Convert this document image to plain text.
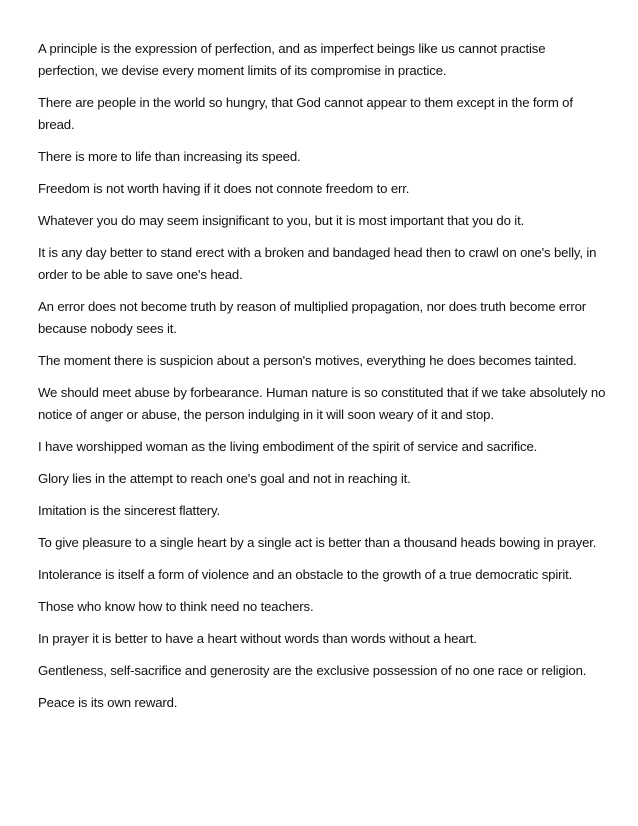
A principle is the expression of perfection, and as imperfect beings like us cannot practise perfection, we devise every moment limits of its compromise in practice.

There are people in the world so hungry, that God cannot appear to them except in the form of bread.

There is more to life than increasing its speed.

Freedom is not worth having if it does not connote freedom to err.

Whatever you do may seem insignificant to you, but it is most important that you do it.

It is any day better to stand erect with a broken and bandaged head then to crawl on one's belly, in order to be able to save one's head.

An error does not become truth by reason of multiplied propagation, nor does truth become error because nobody sees it.

The moment there is suspicion about a person's motives, everything he does becomes tainted.

We should meet abuse by forbearance. Human nature is so constituted that if we take absolutely no notice of anger or abuse, the person indulging in it will soon weary of it and stop.

I have worshipped woman as the living embodiment of the spirit of service and sacrifice.

Glory lies in the attempt to reach one's goal and not in reaching it.

Imitation is the sincerest flattery.

To give pleasure to a single heart by a single act is better than a thousand heads bowing in prayer.

Intolerance is itself a form of violence and an obstacle to the growth of a true democratic spirit.

Those who know how to think need no teachers.

In prayer it is better to have a heart without words than words without a heart.

Gentleness, self-sacrifice and generosity are the exclusive possession of no one race or religion.

Peace is its own reward.
